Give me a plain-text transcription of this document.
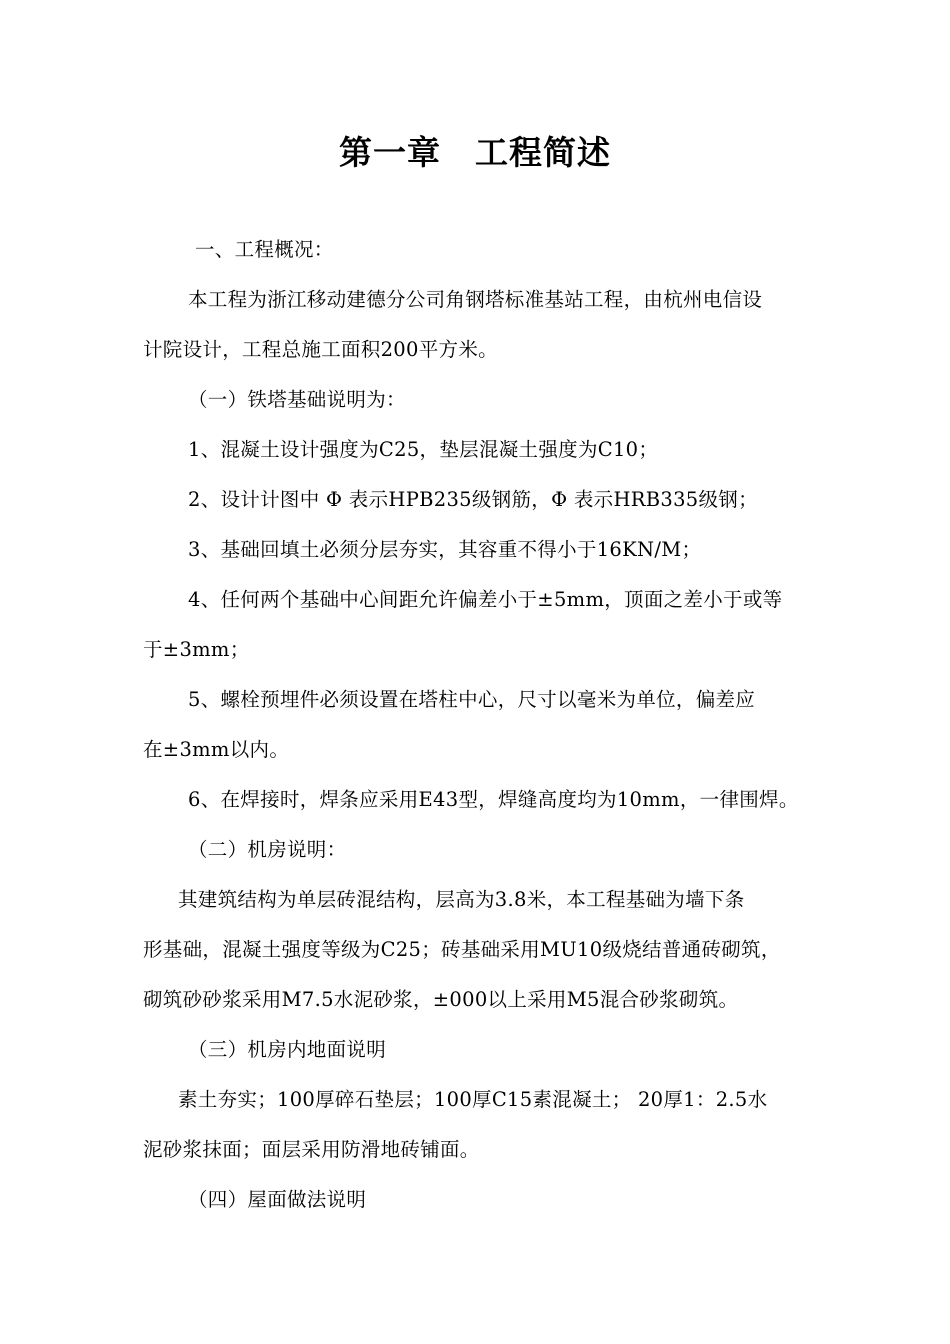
第一章　工程简述
一、工程概况：
本工程为浙江移动建德分公司角钢塔标准基站工程，由杭州电信设
计院设计，工程总施工面积200平方米。
（一）铁塔基础说明为：
1、混凝土设计强度为C25，垫层混凝土强度为C10；
2、设计计图中 Φ 表示HPB235级钢筋，Φ 表示HRB335级钢；
3、基础回填土必须分层夯实，其容重不得小于16KN/M；
4、任何两个基础中心间距允许偏差小于±5mm，顶面之差小于或等
于±3mm；
5、螺栓预埋件必须设置在塔柱中心，尺寸以毫米为单位，偏差应
在±3mm以内。
6、在焊接时，焊条应采用E43型，焊缝高度均为10mm，一律围焊。
（二）机房说明：
其建筑结构为单层砖混结构，层高为3.8米，本工程基础为墙下条
形基础，混凝土强度等级为C25；砖基础采用MU10级烧结普通砖砌筑，
砌筑砂砂浆采用M7.5水泥砂浆，±000以上采用M5混合砂浆砌筑。
（三）机房内地面说明
素土夯实；100厚碎石垫层；100厚C15素混凝土； 20厚1：2.5水
泥砂浆抹面；面层采用防滑地砖铺面。
（四）屋面做法说明
